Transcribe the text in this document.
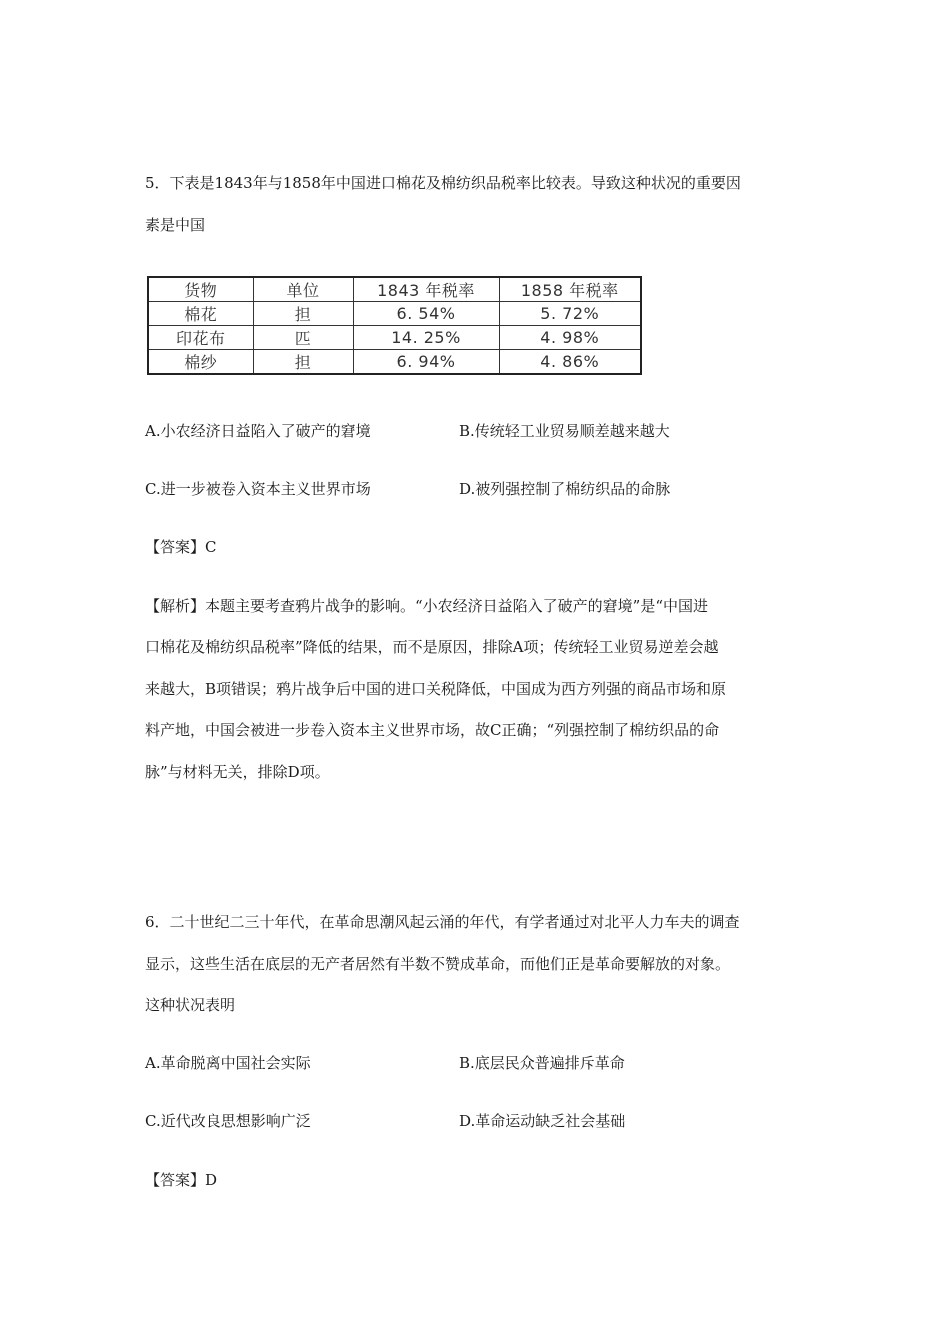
5．下表是1843年与1858年中国进口棉花及棉纺织品税率比较表。导致这种状况的重要因
素是中国
货物	单位	1843 年税率	1858 年税率
棉花	担	6. 54%	5. 72%
印花布	匹	14. 25%	4. 98%
棉纱	担	6. 94%	4. 86%
A.小农经济日益陷入了破产的窘境	B.传统轻工业贸易顺差越来越大
C.进一步被卷入资本主义世界市场	D.被列强控制了棉纺织品的命脉
【答案】C
【解析】本题主要考查鸦片战争的影响。“小农经济日益陷入了破产的窘境”是“中国进
口棉花及棉纺织品税率”降低的结果，而不是原因，排除A项；传统轻工业贸易逆差会越
来越大，B项错误；鸦片战争后中国的进口关税降低，中国成为西方列强的商品市场和原
料产地，中国会被进一步卷入资本主义世界市场，故C正确；“列强控制了棉纺织品的命
脉”与材料无关，排除D项。
6．二十世纪二三十年代，在革命思潮风起云涌的年代，有学者通过对北平人力车夫的调查
显示，这些生活在底层的无产者居然有半数不赞成革命，而他们正是革命要解放的对象。
这种状况表明
A.革命脱离中国社会实际	B.底层民众普遍排斥革命
C.近代改良思想影响广泛	D.革命运动缺乏社会基础
【答案】D
